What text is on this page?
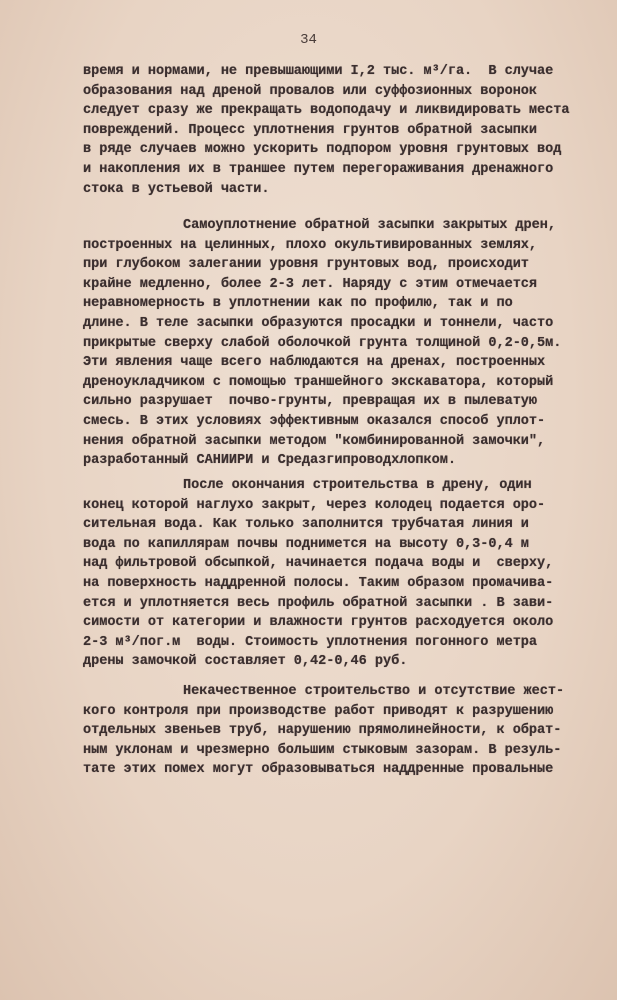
34
время и нормами, не превышающими I,2 тыс. м³/га.  В случае
образования над дреной провалов или суффозионных воронок
следует сразу же прекращать водоподачу и ликвидировать места
повреждений. Процесс уплотнения грунтов обратной засыпки
в ряде случаев можно ускорить подпором уровня грунтовых вод
и накопления их в траншее путем перегораживания дренажного
стока в устьевой части.
Самоуплотнение обратной засыпки закрытых дрен,
построенных на целинных, плохо окультивированных землях,
при глубоком залегании уровня грунтовых вод, происходит
крайне медленно, более 2-3 лет. Наряду с этим отмечается
неравномерность в уплотнении как по профилю, так и по
длине. В теле засыпки образуются просадки и тоннели, часто
прикрытые сверху слабой оболочкой грунта толщиной 0,2-0,5м.
Эти явления чаще всего наблюдаются на дренах, построенных
дреноукладчиком с помощью траншейного экскаватора, который
сильно разрушает  почво-грунты, превращая их в пылеватую
смесь. В этих условиях эффективным оказался способ уплот-
нения обратной засыпки методом "комбинированной замочки",
разработанный САНИИРИ и Средазгипроводхлопком.
После окончания строительства в дрену, один
конец которой наглухо закрыт, через колодец подается оро-
сительная вода. Как только заполнится трубчатая линия и
вода по капиллярам почвы поднимется на высоту 0,3-0,4 м
над фильтровой обсыпкой, начинается подача воды и  сверху,
на поверхность наддренной полосы. Таким образом промачива-
ется и уплотняется весь профиль обратной засыпки . В зави-
симости от категории и влажности грунтов расходуется около
2-3 м³/пог.м  воды. Стоимость уплотнения погонного метра
дрены замочкой составляет 0,42-0,46 руб.
Некачественное строительство и отсутствие жест-
кого контроля при производстве работ приводят к разрушению
отдельных звеньев труб, нарушению прямолинейности, к обрат-
ным уклонам и чрезмерно большим стыковым зазорам. В резуль-
тате этих помех могут образовываться наддренные провальные
